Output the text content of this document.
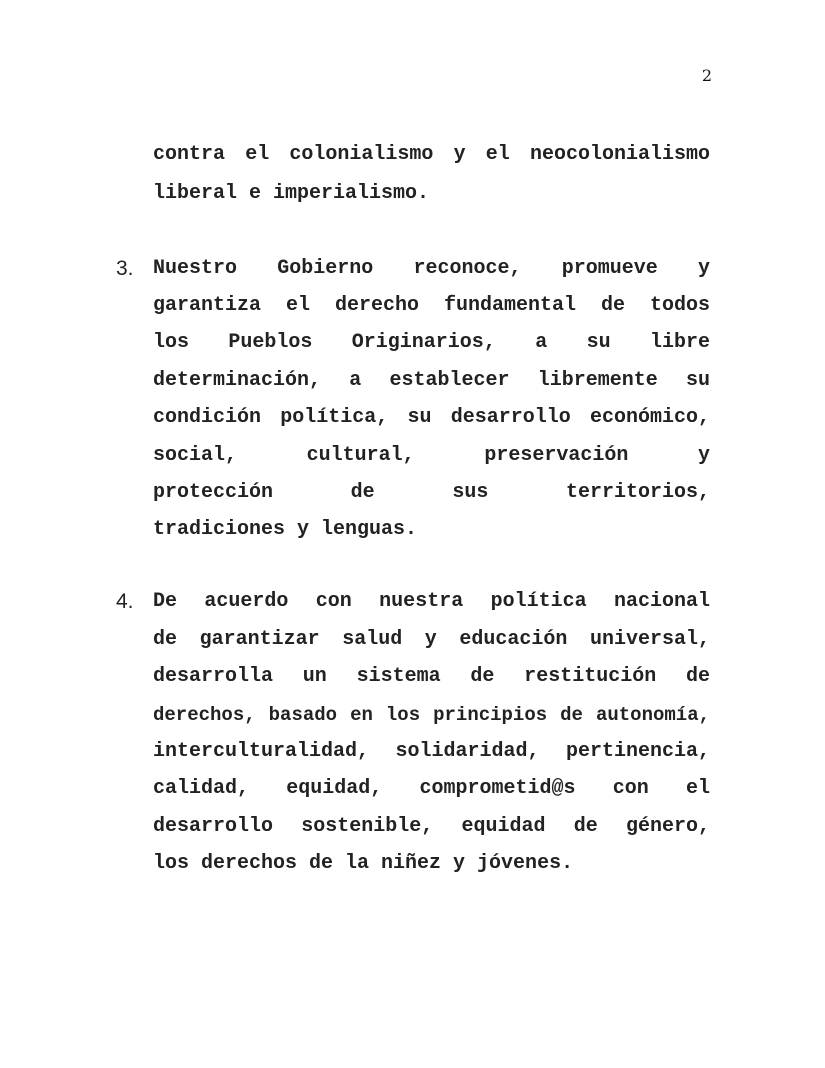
2
contra el colonialismo y el neocolonialismo
liberal e imperialismo.
3. Nuestro Gobierno reconoce, promueve y
garantiza el derecho fundamental de todos
los Pueblos Originarios, a su libre
determinación, a establecer libremente su
condición política, su desarrollo económico,
social, cultural, preservación y
protección de sus territorios,
tradiciones y lenguas.
4. De acuerdo con nuestra política nacional
de garantizar salud y educación universal,
desarrolla un sistema de restitución de
derechos, basado en los principios de autonomía,
interculturalidad, solidaridad, pertinencia,
calidad, equidad, comprometid@s con el
desarrollo sostenible, equidad de género,
los derechos de la niñez y jóvenes.
